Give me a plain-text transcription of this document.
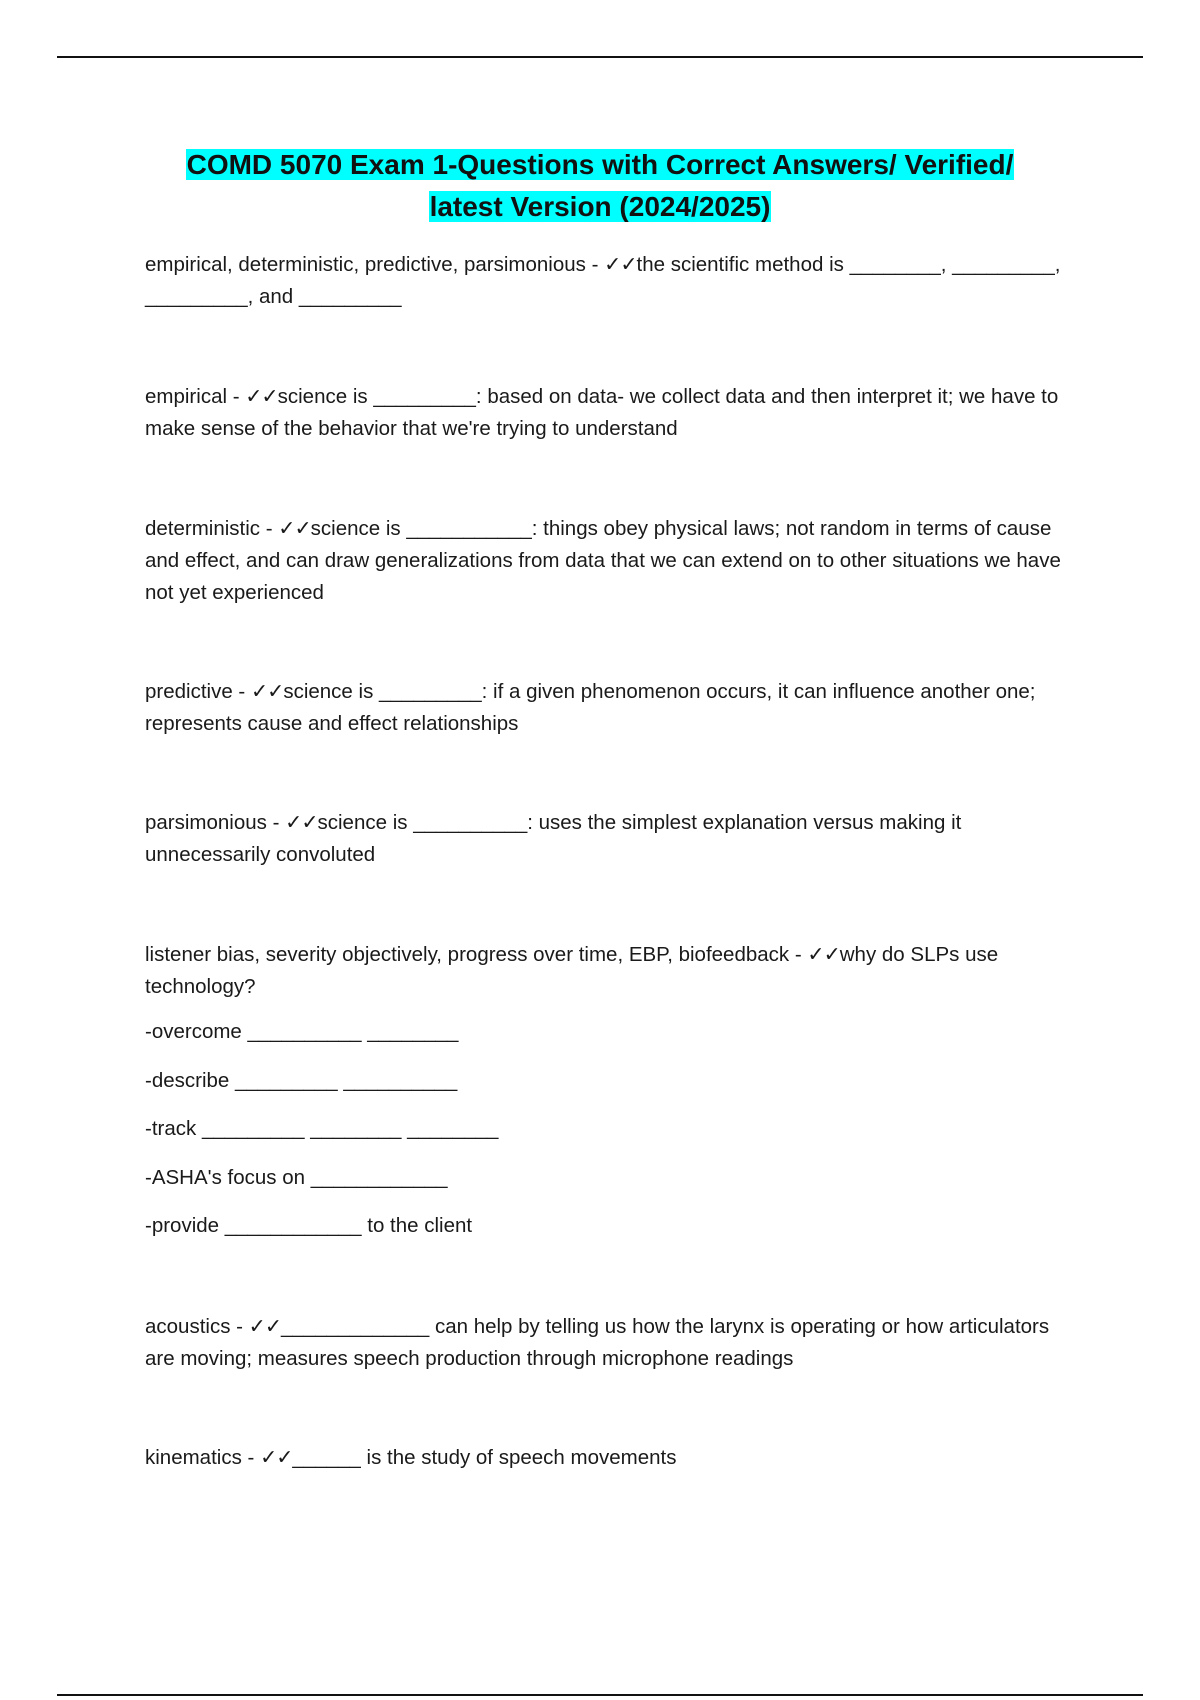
COMD 5070 Exam 1-Questions with Correct Answers/ Verified/
latest Version (2024/2025)
empirical, deterministic, predictive, parsimonious - ✓✓the scientific method is ________, _________, _________, and _________
empirical - ✓✓science is _________: based on data- we collect data and then interpret it; we have to make sense of the behavior that we're trying to understand
deterministic - ✓✓science is ___________: things obey physical laws; not random in terms of cause and effect, and can draw generalizations from data that we can extend on to other situations we have not yet experienced
predictive - ✓✓science is _________: if a given phenomenon occurs, it can influence another one; represents cause and effect relationships
parsimonious - ✓✓science is __________: uses the simplest explanation versus making it unnecessarily convoluted
listener bias, severity objectively, progress over time, EBP, biofeedback - ✓✓why do SLPs use technology?
-overcome __________ ________
-describe _________ __________
-track _________ ________ ________
-ASHA's focus on ____________
-provide ____________ to the client
acoustics - ✓✓_____________ can help by telling us how the larynx is operating or how articulators are moving; measures speech production through microphone readings
kinematics - ✓✓______ is the study of speech movements
